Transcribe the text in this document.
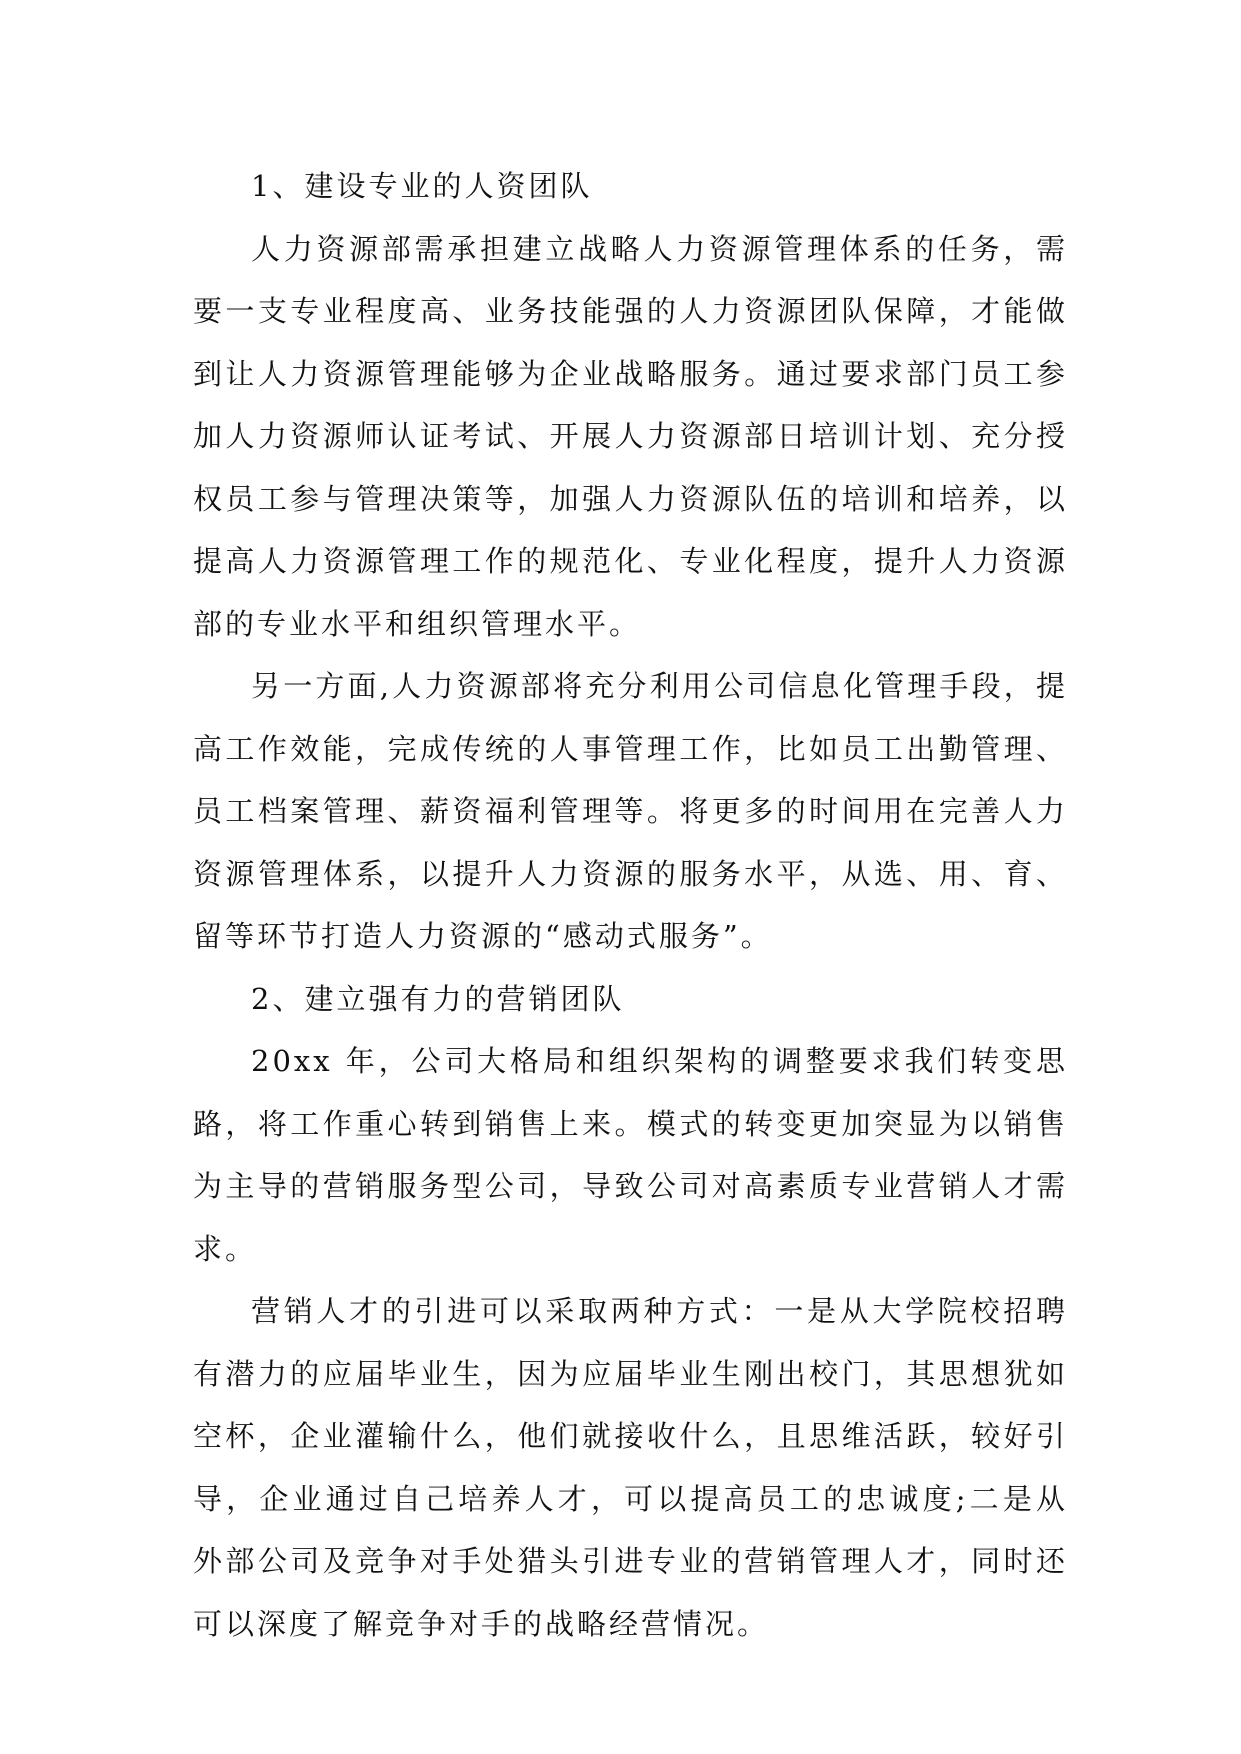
1、建设专业的人资团队

人力资源部需承担建立战略人力资源管理体系的任务，需要一支专业程度高、业务技能强的人力资源团队保障，才能做到让人力资源管理能够为企业战略服务。通过要求部门员工参加人力资源师认证考试、开展人力资源部日培训计划、充分授权员工参与管理决策等，加强人力资源队伍的培训和培养，以提高人力资源管理工作的规范化、专业化程度，提升人力资源部的专业水平和组织管理水平。

另一方面,人力资源部将充分利用公司信息化管理手段，提高工作效能，完成传统的人事管理工作，比如员工出勤管理、员工档案管理、薪资福利管理等。将更多的时间用在完善人力资源管理体系，以提升人力资源的服务水平，从选、用、育、留等环节打造人力资源的“感动式服务”。

2、建立强有力的营销团队

20xx 年，公司大格局和组织架构的调整要求我们转变思路，将工作重心转到销售上来。模式的转变更加突显为以销售为主导的营销服务型公司，导致公司对高素质专业营销人才需求。

营销人才的引进可以采取两种方式：一是从大学院校招聘有潜力的应届毕业生，因为应届毕业生刚出校门，其思想犹如空杯，企业灌输什么，他们就接收什么，且思维活跃，较好引导，企业通过自己培养人才，可以提高员工的忠诚度;二是从外部公司及竞争对手处猎头引进专业的营销管理人才，同时还可以深度了解竞争对手的战略经营情况。
